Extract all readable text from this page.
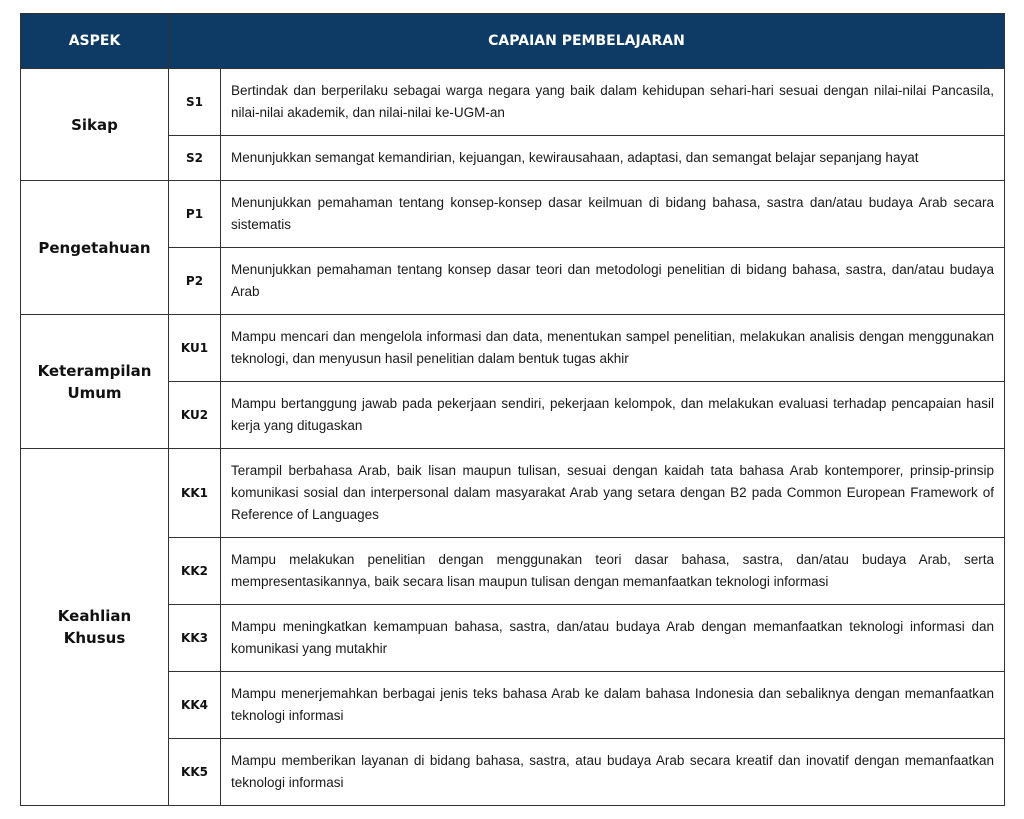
ASPEK	CAPAIAN PEMBELAJARAN	
Sikap	S1	Bertindak dan berperilaku sebagai warga negara yang baik dalam kehidupan sehari-hari sesuai dengan nilai-nilai Pancasila, nilai-nilai akademik, dan nilai-nilai ke-UGM-an
	S2	Menunjukkan semangat kemandirian, kejuangan, kewirausahaan, adaptasi, dan semangat belajar sepanjang hayat
Pengetahuan	P1	Menunjukkan pemahaman tentang konsep-konsep dasar keilmuan di bidang bahasa, sastra dan/atau budaya Arab secara sistematis
	P2	Menunjukkan pemahaman tentang konsep dasar teori dan metodologi penelitian di bidang bahasa, sastra, dan/atau budaya Arab
Keterampilan Umum	KU1	Mampu mencari dan mengelola informasi dan data, menentukan sampel penelitian, melakukan analisis dengan menggunakan teknologi, dan menyusun hasil penelitian dalam bentuk tugas akhir
	KU2	Mampu bertanggung jawab pada pekerjaan sendiri, pekerjaan kelompok, dan melakukan evaluasi terhadap pencapaian hasil kerja yang ditugaskan
Keahlian Khusus	KK1	Terampil berbahasa Arab, baik lisan maupun tulisan, sesuai dengan kaidah tata bahasa Arab kontemporer, prinsip-prinsip komunikasi sosial dan interpersonal dalam masyarakat Arab yang setara dengan B2 pada Common European Framework of Reference of Languages
	KK2	Mampu melakukan penelitian dengan menggunakan teori dasar bahasa, sastra, dan/atau budaya Arab, serta mempresentasikannya, baik secara lisan maupun tulisan dengan memanfaatkan teknologi informasi
	KK3	Mampu meningkatkan kemampuan bahasa, sastra, dan/atau budaya Arab dengan memanfaatkan teknologi informasi dan komunikasi yang mutakhir
	KK4	Mampu menerjemahkan berbagai jenis teks bahasa Arab ke dalam bahasa Indonesia dan sebaliknya dengan memanfaatkan teknologi informasi
	KK5	Mampu memberikan layanan di bidang bahasa, sastra, atau budaya Arab secara kreatif dan inovatif dengan memanfaatkan teknologi informasi
